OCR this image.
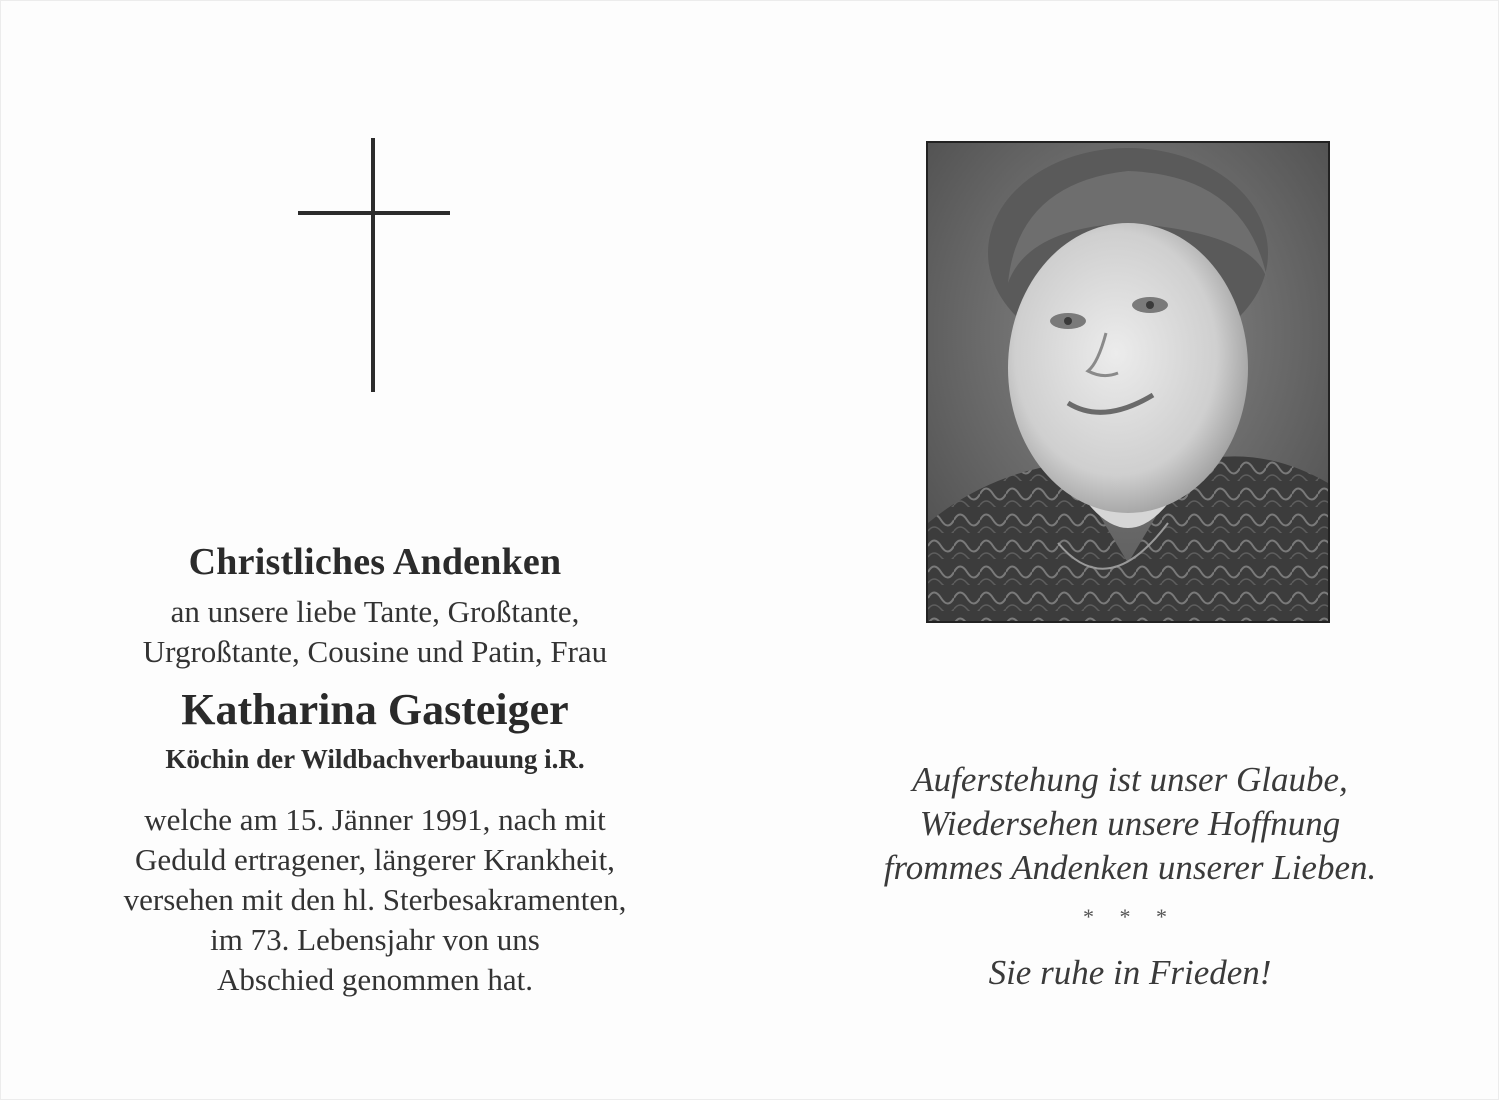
Christliches Andenken
an unsere liebe Tante, Großtante,
Urgroßtante, Cousine und Patin, Frau
Katharina Gasteiger
Köchin der Wildbachverbauung i.R.
welche am 15. Jänner 1991, nach mit
Geduld ertragener, längerer Krankheit,
versehen mit den hl. Sterbesakramenten,
im 73. Lebensjahr von uns
Abschied genommen hat.
Auferstehung ist unser Glaube,
Wiedersehen unsere Hoffnung
frommes Andenken unserer Lieben.
* * *
Sie ruhe in Frieden!
